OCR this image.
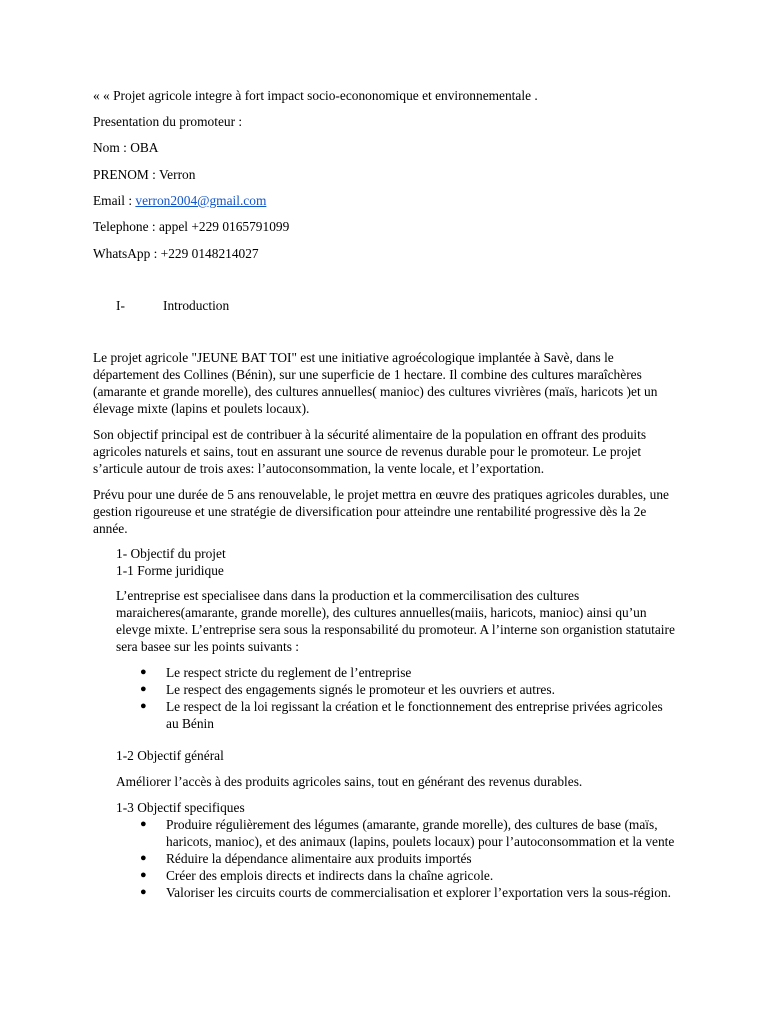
« « Projet agricole integre à fort impact socio-econonomique et environnementale .
Presentation du promoteur :
Nom : OBA
PRENOM : Verron
Email : verron2004@gmail.com
Telephone : appel +229 0165791099
WhatsApp : +229 0148214027
I-	Introduction

Le projet agricole "JEUNE BAT TOI" est une initiative agroécologique implantée à Savè, dans le département des Collines (Bénin), sur une superficie de 1 hectare. Il combine des cultures maraîchères (amarante et grande morelle), des cultures annuelles( manioc) des cultures vivrières (maïs, haricots )et un élevage mixte (lapins et poulets locaux).

Son objectif principal est de contribuer à la sécurité alimentaire de la population en offrant des produits agricoles naturels et sains, tout en assurant une source de revenus durable pour le promoteur. Le projet s’articule autour de trois axes: l’autoconsommation, la vente locale, et l’exportation.

Prévu pour une durée de 5 ans renouvelable, le projet mettra en œuvre des pratiques agricoles durables, une gestion rigoureuse et une stratégie de diversification pour atteindre une rentabilité progressive dès la 2e année.

1- Objectif du projet
1-1 Forme juridique

L’entreprise est specialisee dans dans la production et la commercilisation des cultures maraicheres(amarante, grande morelle), des cultures annuelles(maiis, haricots, manioc) ainsi qu’un elevge mixte. L’entreprise sera sous la responsabilité du promoteur. A l’interne son organistion statutaire sera basee sur les points suivants :

● Le respect stricte du reglement de l’entreprise
● Le respect des engagements signés le promoteur et les ouvriers et autres.
● Le respect de la loi regissant la création et le fonctionnement des entreprise privées agricoles au Bénin
1-2 Objectif général

Améliorer l’accès à des produits agricoles sains, tout en générant des revenus durables.

1-3 Objectif specifiques
● Produire régulièrement des légumes (amarante, grande morelle), des cultures de base (maïs, haricots, manioc), et des animaux (lapins, poulets locaux) pour l’autoconsommation et la vente
● Réduire la dépendance alimentaire aux produits importés
● Créer des emplois directs et indirects dans la chaîne agricole.
● Valoriser les circuits courts de commercialisation et explorer l’exportation vers la sous-région.
